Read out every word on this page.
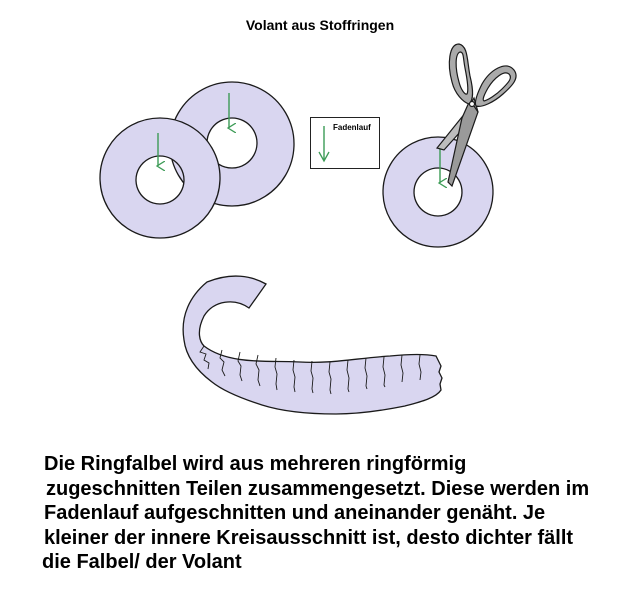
Volant aus Stoffringen
Fadenlauf

Die Ringfalbel wird aus mehreren ringförmig

zugeschnitten Teilen zusammengesetzt. Diese werden im

Fadenlauf aufgeschnitten und aneinander genäht. Je

kleiner der innere Kreisausschnitt ist, desto dichter fällt

die Falbel/ der Volant
